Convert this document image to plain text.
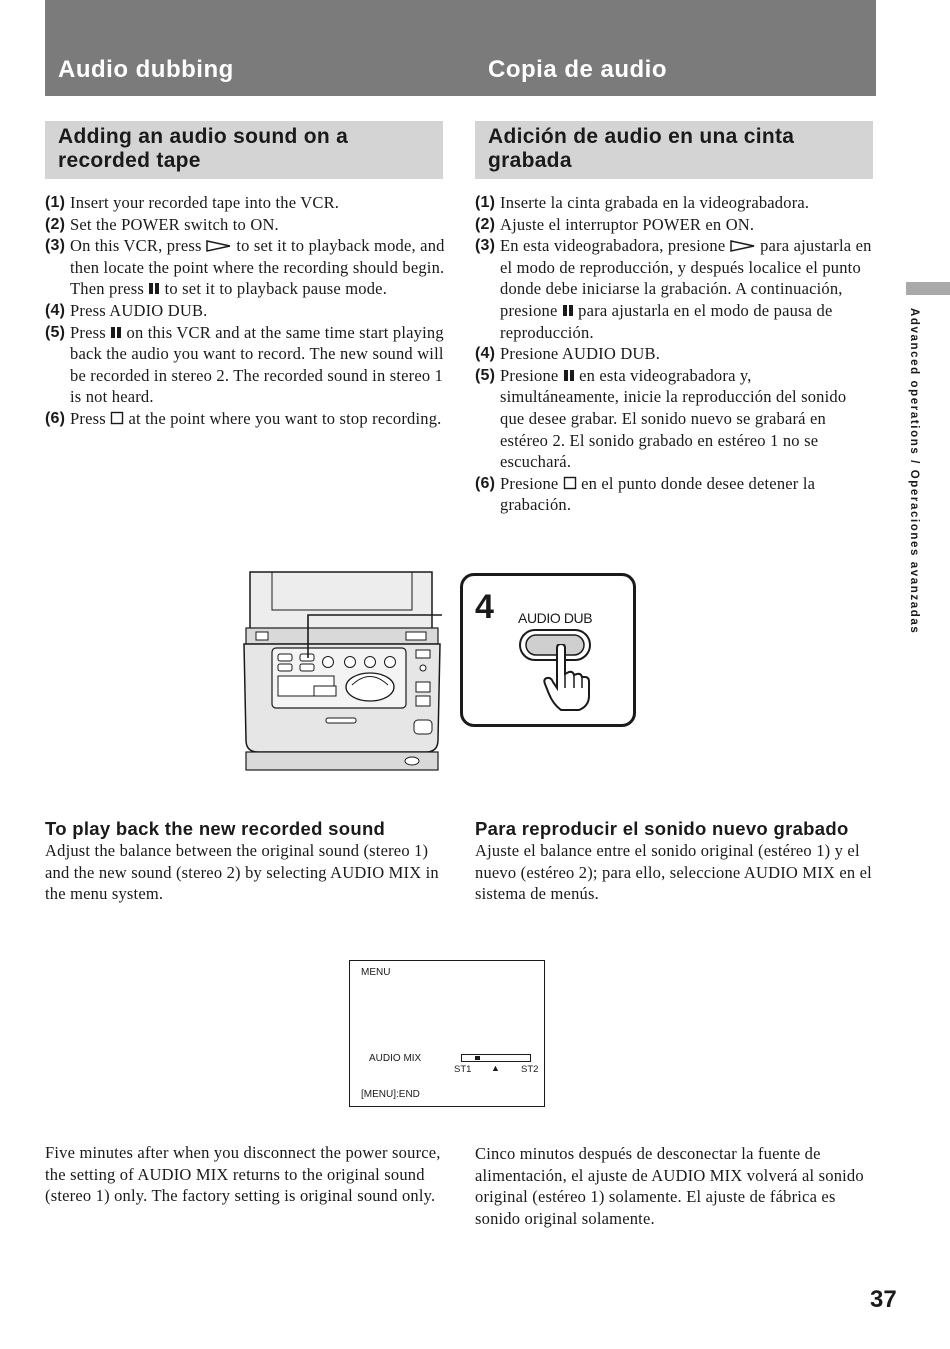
Audio dubbing	Copia de audio
Adding an audio sound on a recorded tape
Adición de audio en una cinta grabada
(1) Insert your recorded tape into the VCR.
(2) Set the POWER switch to ON.
(3) On this VCR, press to set it to playback mode, and then locate the point where the recording should begin. Then press to set it to playback pause mode.
(4) Press AUDIO DUB.
(5) Press on this VCR and at the same time start playing back the audio you want to record. The new sound will be recorded in stereo 2. The recorded sound in stereo 1 is not heard.
(6) Press at the point where you want to stop recording.
(1) Inserte la cinta grabada en la videograbadora.
(2) Ajuste el interruptor POWER en ON.
(3) En esta videograbadora, presione para ajustarla en el modo de reproducción, y después localice el punto donde debe iniciarse la grabación. A continuación, presione para ajustarla en el modo de pausa de reproducción.
(4) Presione AUDIO DUB.
(5) Presione en esta videograbadora y, simultáneamente, inicie la reproducción del sonido que desee grabar. El sonido nuevo se grabará en estéreo 2. El sonido grabado en estéreo 1 no se escuchará.
(6) Presione en el punto donde desee detener la grabación.	Advanced operations / Operaciones avanzadas
4 AUDIO DUB
To play back the new recorded sound
Adjust the balance between the original sound (stereo 1) and the new sound (stereo 2) by selecting AUDIO MIX in the menu system.
Para reproducir el sonido nuevo grabado
Ajuste el balance entre el sonido original (estéreo 1) y el nuevo (estéreo 2); para ello, seleccione AUDIO MIX en el sistema de menús.
MENU
AUDIO MIX
ST1 ▲ ST2
[MENU]:END
Five minutes after when you disconnect the power source, the setting of AUDIO MIX returns to the original sound (stereo 1) only. The factory setting is original sound only.
Cinco minutos después de desconectar la fuente de alimentación, el ajuste de AUDIO MIX volverá al sonido original (estéreo 1) solamente. El ajuste de fábrica es sonido original solamente.
37
